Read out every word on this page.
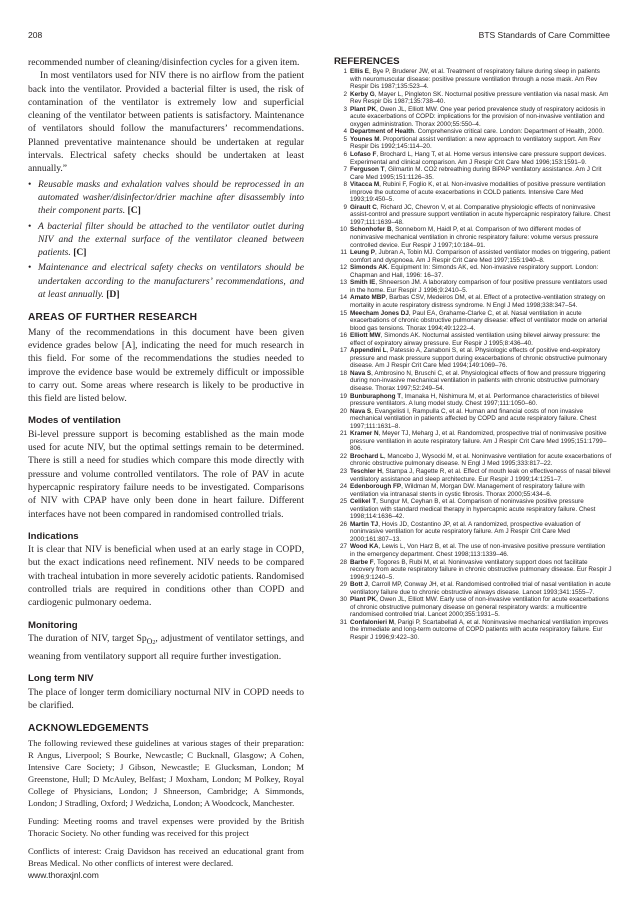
208	BTS Standards of Care Committee

recommended number of cleaning/disinfection cycles for a given item.

In most ventilators used for NIV there is no airflow from the patient back into the ventilator. Provided a bacterial filter is used, the risk of contamination of the ventilator is extremely low and superficial cleaning of the ventilator between patients is satisfactory. Maintenance of ventilators should follow the manufacturers’ recommendations. Planned preventative maintenance should be undertaken at regular intervals. Electrical safety checks should be undertaken at least annually.”

• Reusable masks and exhalation valves should be reprocessed in an automated washer/disinfector/drier machine after disassembly into their component parts. [C]
• A bacterial filter should be attached to the ventilator outlet during NIV and the external surface of the ventilator cleaned between patients. [C]
• Maintenance and electrical safety checks on ventilators should be undertaken according to the manufacturers’ recommendations, and at least annually. [D]
AREAS OF FURTHER RESEARCH

Many of the recommendations in this document have been given evidence grades below [A], indicating the need for much research in this field. For some of the recommendations the studies needed to improve the evidence base would be extremely difficult or impossible to carry out. Some areas where research is likely to be productive in this field are listed below.

Modes of ventilation

Bi-level pressure support is becoming established as the main mode used for acute NIV, but the optimal settings remain to be determined. There is still a need for studies which compare this mode directly with pressure and volume controlled ventilators. The role of PAV in acute hypercapnic respiratory failure needs to be investigated. Comparisons of NIV with CPAP have only been done in heart failure. Different interfaces have not been compared in randomised controlled trials.

Indications

It is clear that NIV is beneficial when used at an early stage in COPD, but the exact indications need refinement. NIV needs to be compared with tracheal intubation in more severely acidotic patients. Randomised controlled trials are required in conditions other than COPD and cardiogenic pulmonary oedema.

Monitoring

The duration of NIV, target $Sp_{O2}$, adjustment of ventilator settings, and weaning from ventilatory support all require further investigation.

Long term NIV

The place of longer term domiciliary nocturnal NIV in COPD needs to be clarified.

ACKNOWLEDGEMENTS

The following reviewed these guidelines at various stages of their preparation: R Angus, Liverpool; S Bourke, Newcastle; C Bucknall, Glasgow; A Cohen, Intensive Care Society; J Gibson, Newcastle; E Glucksman, London; M Greenstone, Hull; D McAuley, Belfast; J Moxham, London; M Polkey, Royal College of Physicians, London; J Shneerson, Cambridge; A Simmonds, London; J Stradling, Oxford; J Wedzicha, London; A Woodcock, Manchester.

Funding: Meeting rooms and travel expenses were provided by the British Thoracic Society. No other funding was received for this project

Conflicts of interest: Craig Davidson has received an educational grant from Breas Medical. No other conflicts of interest were declared.

REFERENCES
1 Ellis E, Bye P, Bruderer JW, et al. Treatment of respiratory failure during sleep in patients with neuromuscular disease: positive pressure ventilation through a nose mask. Am Rev Respir Dis 1987;135:523–4.
2 Kerby G, Mayer L, Pingleton SK. Nocturnal positive pressure ventilation via nasal mask. Am Rev Respir Dis 1987;135:738–40.
3 Plant PK, Owen JL, Elliott MW. One year period prevalence study of respiratory acidosis in acute exacerbations of COPD: implications for the provision of non-invasive ventilation and oxygen administration. Thorax 2000;55:550–4.
4 Department of Health. Comprehensive critical care. London: Department of Health, 2000.
5 Younes M. Proportional assist ventilation: a new approach to ventilatory support. Am Rev Respir Dis 1992;145:114–20.
6 Lofaso F, Brochard L, Hang T, et al. Home versus intensive care pressure support devices. Experimental and clinical comparison. Am J Respir Crit Care Med 1996;153:1591–9.
7 Ferguson T, Gilmartin M. CO2 rebreathing during BiPAP ventilatory assistance. Am J Crit Care Med 1995;151:1126–35.
8 Vitacca M, Rubini F, Foglio K, et al. Non-invasive modalities of positive pressure ventilation improve the outcome of acute exacerbations in COLD patients. Intensive Care Med 1993;19:450–5.
9 Girault C, Richard JC, Chevron V, et al. Comparative physiologic effects of noninvasive assist-control and pressure support ventilation in acute hypercapnic respiratory failure. Chest 1997;111:1639–48.
10 Schonhofer B, Sonneborn M, Haidl P, et al. Comparison of two different modes of noninvasive mechanical ventilation in chronic respiratory failure: volume versus pressure controlled device. Eur Respir J 1997;10:184–91.
11 Leung P, Jubran A, Tobin MJ. Comparison of assisted ventilator modes on triggering, patient comfort and dyspnoea. Am J Respir Crit Care Med 1997;155:1940–8.
12 Simonds AK. Equipment In: Simonds AK, ed. Non-invasive respiratory support. London: Chapman and Hall, 1996: 16–37.
13 Smith IE, Shneerson JM. A laboratory comparison of four positive pressure ventilators used in the home. Eur Respir J 1996;9:2410–5.
14 Amato MBP, Barbas CSV, Medeiros DM, et al. Effect of a protective-ventilation strategy on mortality in acute respiratory distress syndrome. N Engl J Med 1998;338:347–54.
15 Meecham Jones DJ, Paul EA, Grahame-Clarke C, et al. Nasal ventilation in acute exacerbations of chronic obstructive pulmonary disease: effect of ventilator mode on arterial blood gas tensions. Thorax 1994;49:1222–4.
16 Elliott MW, Simonds AK. Nocturnal assisted ventilation using bilevel airway pressure: the effect of expiratory airway pressure. Eur Respir J 1995;8:436–40.
17 Appendini L, Patessio A, Zanaboni S, et al. Physiologic effects of positive end-expiratory pressure and mask pressure support during exacerbations of chronic obstructive pulmonary disease. Am J Respir Crit Care Med 1994;149:1069–76.
18 Nava S, Ambrosino N, Bruschi C, et al. Physiological effects of flow and pressure triggering during non-invasive mechanical ventilation in patients with chronic obstructive pulmonary disease. Thorax 1997;52:249–54.
19 Bunburaphong T, Imanaka H, Nishimura M, et al. Performance characteristics of bilevel pressure ventilators. A lung model study. Chest 1997;111:1050–60.
20 Nava S, Evangelisti I, Rampulla C, et al. Human and financial costs of non invasive mechanical ventilation in patients affected by COPD and acute respiratory failure. Chest 1997;111:1631–8.
21 Kramer N, Meyer TJ, Meharg J, et al. Randomized, prospective trial of noninvasive positive pressure ventilation in acute respiratory failure. Am J Respir Crit Care Med 1995;151:1799–806.
22 Brochard L, Mancebo J, Wysocki M, et al. Noninvasive ventilation for acute exacerbations of chronic obstructive pulmonary disease. N Engl J Med 1995;333:817–22.
23 Teschler H, Stampa J, Ragette R, et al. Effect of mouth leak on effectiveness of nasal bilevel ventilatory assistance and sleep architecture. Eur Respir J 1999;14:1251–7.
24 Edenborough FP, Wildman M, Morgan DW. Management of respiratory failure with ventilation via intranasal stents in cystic fibrosis. Thorax 2000;55:434–6.
25 Celikel T, Sungur M, Ceyhan B, et al. Comparison of noninvasive positive pressure ventilation with standard medical therapy in hypercapnic acute respiratory failure. Chest 1998;114:1636–42.
26 Martin TJ, Hovis JD, Costantino JP, et al. A randomized, prospective evaluation of noninvasive ventilation for acute respiratory failure. Am J Respir Crit Care Med 2000;161:807–13.
27 Wood KA, Lewis L, Von Harz B, et al. The use of non-invasive positive pressure ventilation in the emergency department. Chest 1998;113:1339–46.
28 Barbe F, Togores B, Rubi M, et al. Noninvasive ventilatory support does not facilitate recovery from acute respiratory failure in chronic obstructive pulmonary disease. Eur Respir J 1996;9:1240–5.
29 Bott J, Carroll MP, Conway JH, et al. Randomised controlled trial of nasal ventilation in acute ventilatory failure due to chronic obstructive airways disease. Lancet 1993;341:1555–7.
30 Plant PK, Owen JL, Elliott MW. Early use of non-invasive ventilation for acute exacerbations of chronic obstructive pulmonary disease on general respiratory wards: a multicentre randomised controlled trial. Lancet 2000;355:1931–5.
31 Confalonieri M, Parigi P, Scartabellati A, et al. Noninvasive mechanical ventilation improves the immediate and long-term outcome of COPD patients with acute respiratory failure. Eur Respir J 1996;9:422–30.
www.thoraxjnl.com
